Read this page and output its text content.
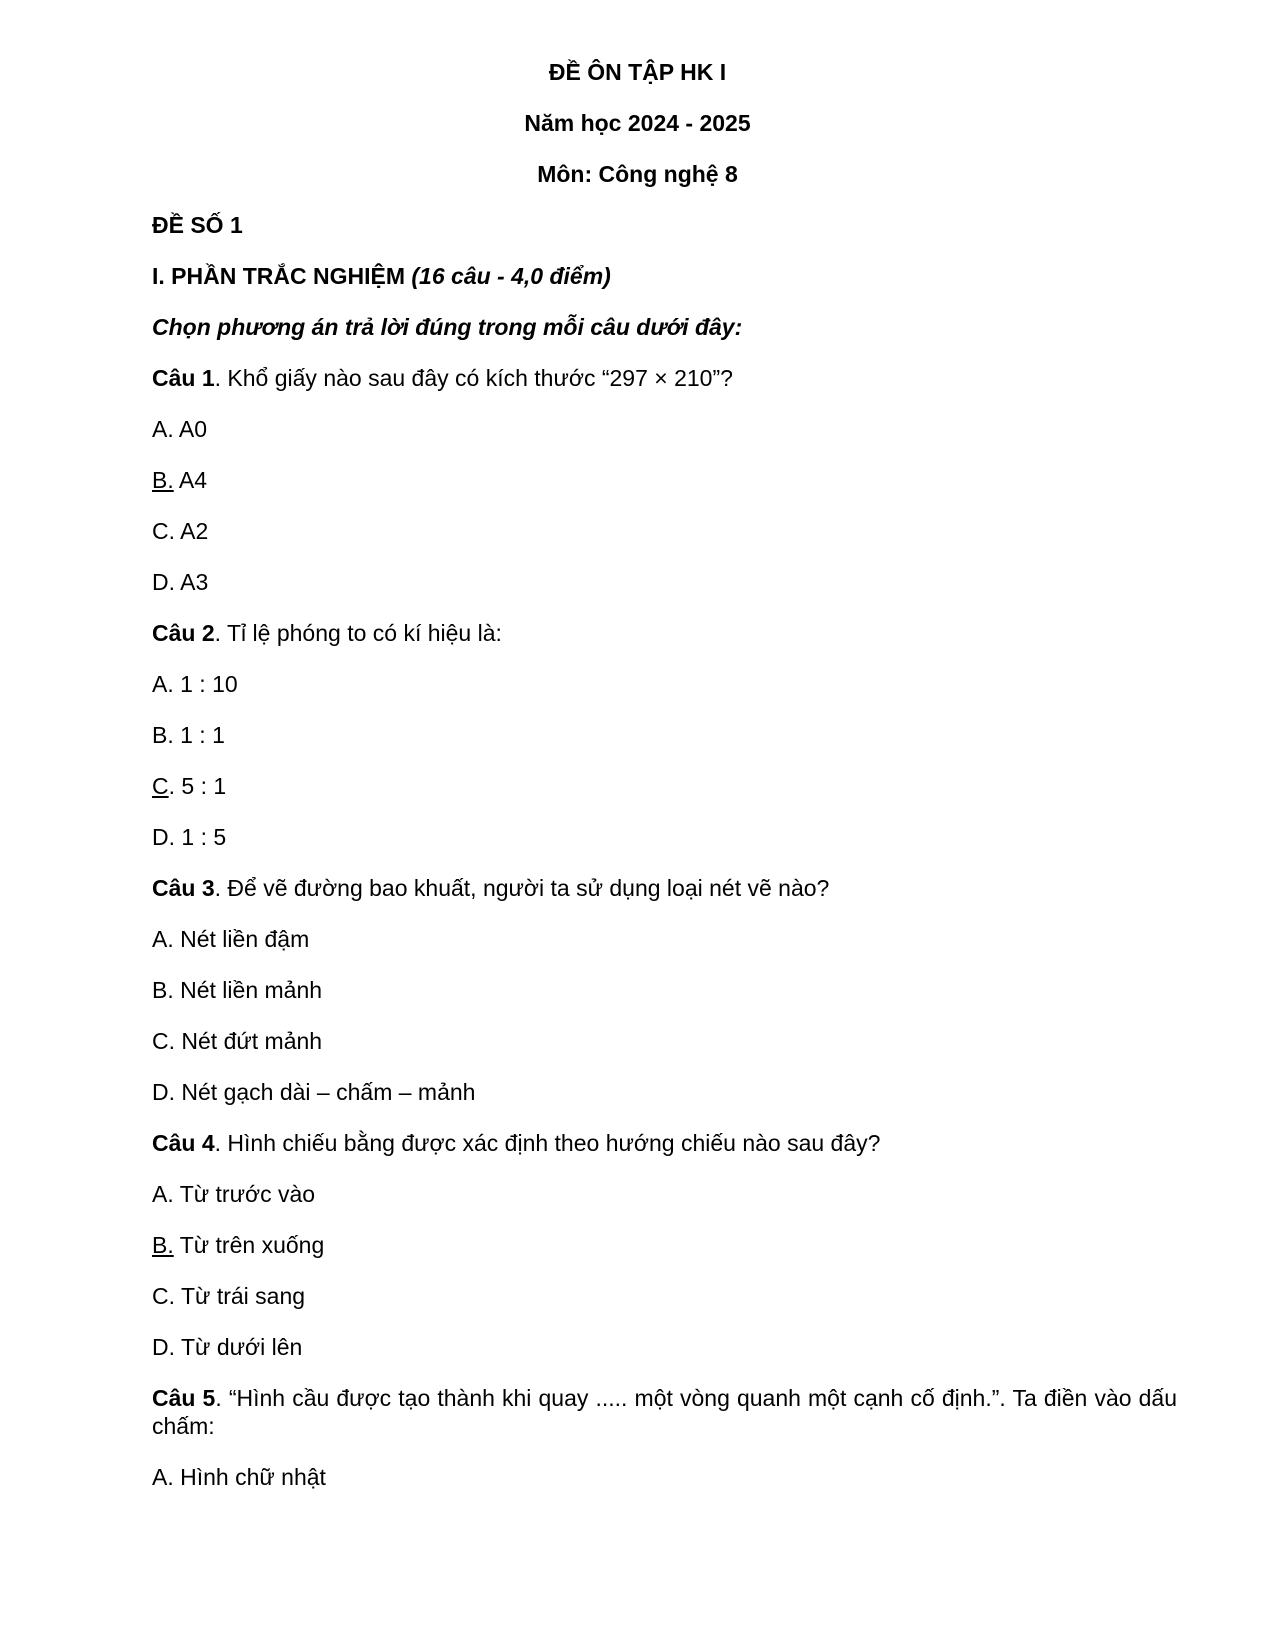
ĐỀ ÔN TẬP HK I
Năm học 2024 - 2025
Môn: Công nghệ 8
ĐỀ SỐ 1
I. PHẦN TRẮC NGHIỆM (16 câu - 4,0 điểm)
Chọn phương án trả lời đúng trong mỗi câu dưới đây:
Câu 1. Khổ giấy nào sau đây có kích thước “297 × 210”?
A. A0
B. A4
C. A2
D. A3
Câu 2. Tỉ lệ phóng to có kí hiệu là:
A. 1 : 10
B. 1 : 1
C. 5 : 1
D. 1 : 5
Câu 3. Để vẽ đường bao khuất, người ta sử dụng loại nét vẽ nào?
A. Nét liền đậm
B. Nét liền mảnh
C. Nét đứt mảnh
D. Nét gạch dài – chấm – mảnh
Câu 4. Hình chiếu bằng được xác định theo hướng chiếu nào sau đây?
A. Từ trước vào
B. Từ trên xuống
C. Từ trái sang
D. Từ dưới lên
Câu 5. “Hình cầu được tạo thành khi quay ..... một vòng quanh một cạnh cố định.”. Ta điền vào dấu chấm:
A. Hình chữ nhật
